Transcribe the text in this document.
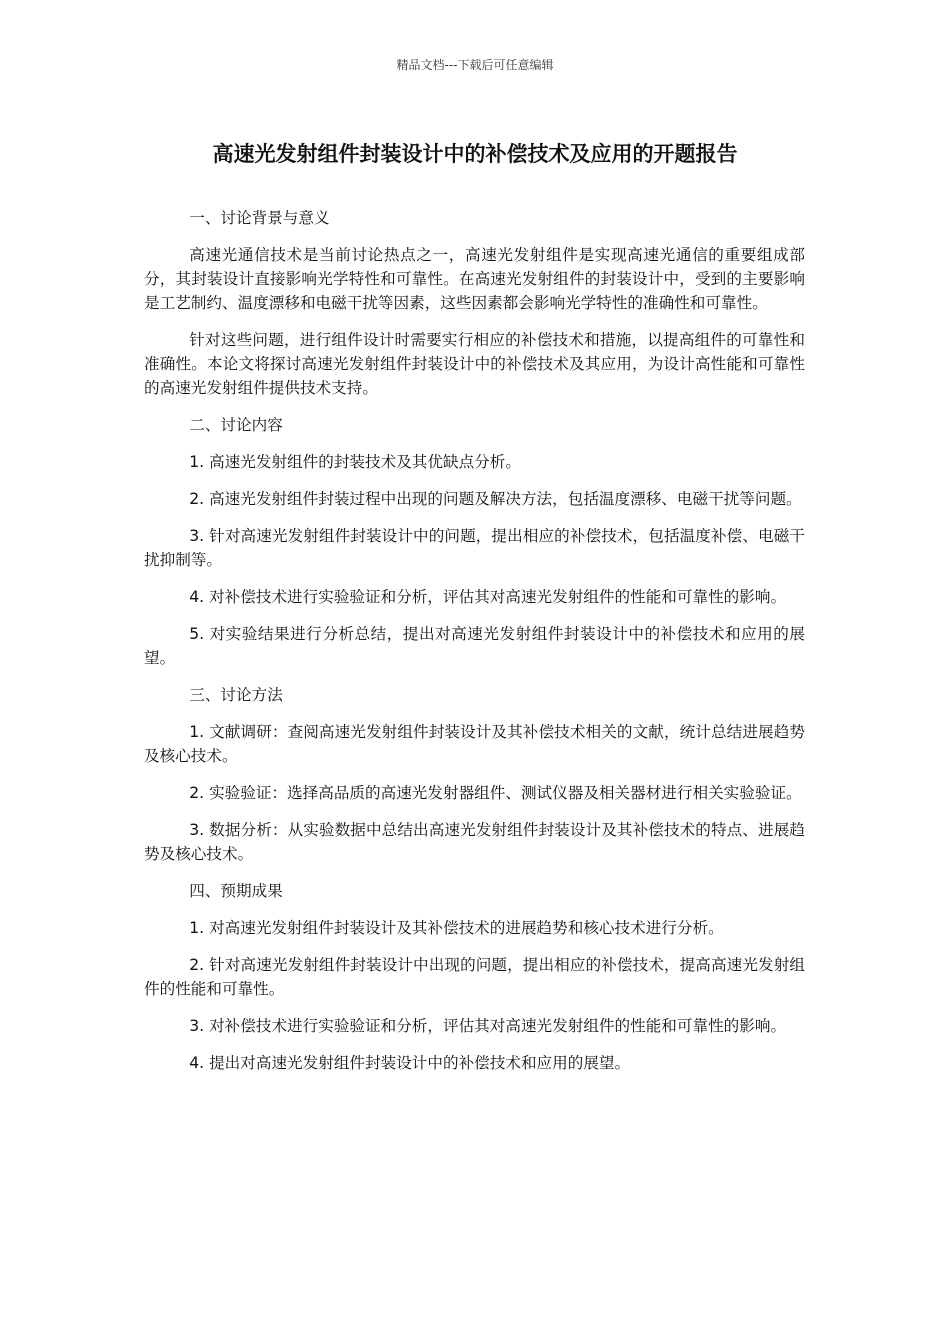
精品文档---下载后可任意编辑
高速光发射组件封装设计中的补偿技术及应用的开题报告

一、讨论背景与意义

高速光通信技术是当前讨论热点之一，高速光发射组件是实现高速光通信的重要组成部分，其封装设计直接影响光学特性和可靠性。在高速光发射组件的封装设计中，受到的主要影响是工艺制约、温度漂移和电磁干扰等因素，这些因素都会影响光学特性的准确性和可靠性。

针对这些问题，进行组件设计时需要实行相应的补偿技术和措施，以提高组件的可靠性和准确性。本论文将探讨高速光发射组件封装设计中的补偿技术及其应用，为设计高性能和可靠性的高速光发射组件提供技术支持。

二、讨论内容

1. 高速光发射组件的封装技术及其优缺点分析。

2. 高速光发射组件封装过程中出现的问题及解决方法，包括温度漂移、电磁干扰等问题。

3. 针对高速光发射组件封装设计中的问题，提出相应的补偿技术，包括温度补偿、电磁干扰抑制等。

4. 对补偿技术进行实验验证和分析，评估其对高速光发射组件的性能和可靠性的影响。

5. 对实验结果进行分析总结，提出对高速光发射组件封装设计中的补偿技术和应用的展望。

三、讨论方法

1. 文献调研：查阅高速光发射组件封装设计及其补偿技术相关的文献，统计总结进展趋势及核心技术。

2. 实验验证：选择高品质的高速光发射器组件、测试仪器及相关器材进行相关实验验证。

3. 数据分析：从实验数据中总结出高速光发射组件封装设计及其补偿技术的特点、进展趋势及核心技术。

四、预期成果

1. 对高速光发射组件封装设计及其补偿技术的进展趋势和核心技术进行分析。

2. 针对高速光发射组件封装设计中出现的问题，提出相应的补偿技术，提高高速光发射组件的性能和可靠性。

3. 对补偿技术进行实验验证和分析，评估其对高速光发射组件的性能和可靠性的影响。

4. 提出对高速光发射组件封装设计中的补偿技术和应用的展望。
